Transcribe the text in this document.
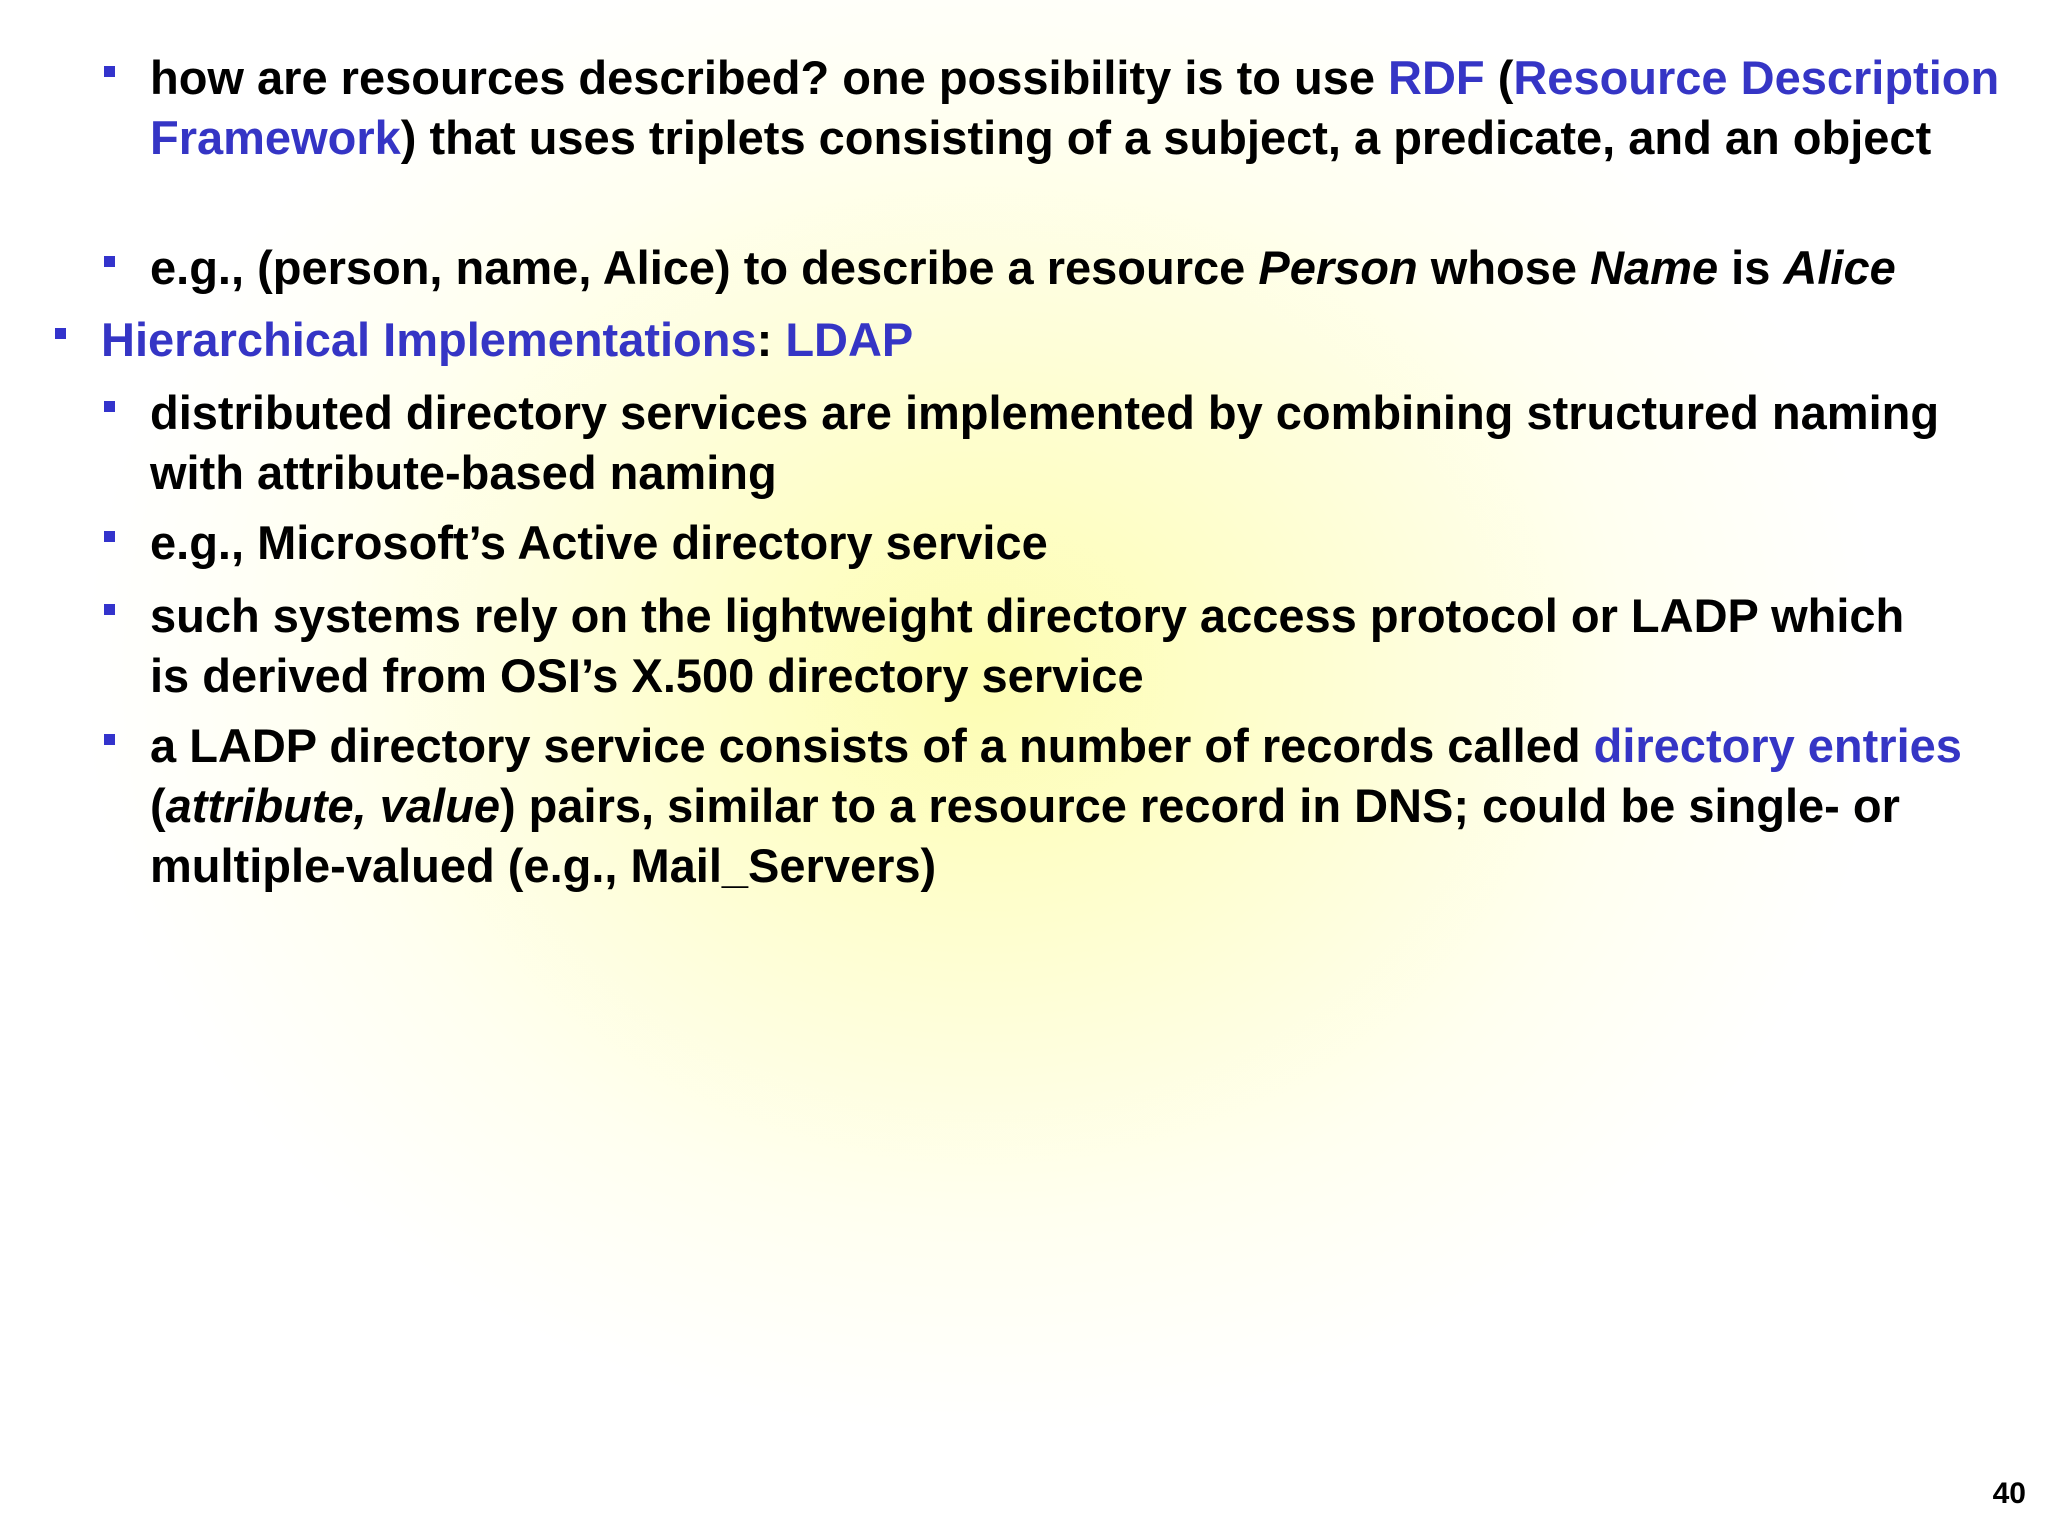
how are resources described? one possibility is to use RDF (Resource Description Framework) that uses triplets consisting of a subject, a predicate, and an object
e.g., (person, name, Alice) to describe a resource Person whose Name is Alice
Hierarchical Implementations: LDAP
distributed directory services are implemented by combining structured naming with attribute-based naming
e.g., Microsoft’s Active directory service
such systems rely on the lightweight directory access protocol or LADP which is derived from OSI’s X.500 directory service
a LADP directory service consists of a number of records called directory entries (attribute, value) pairs, similar to a resource record in DNS; could be single- or multiple-valued (e.g., Mail_Servers)
40
